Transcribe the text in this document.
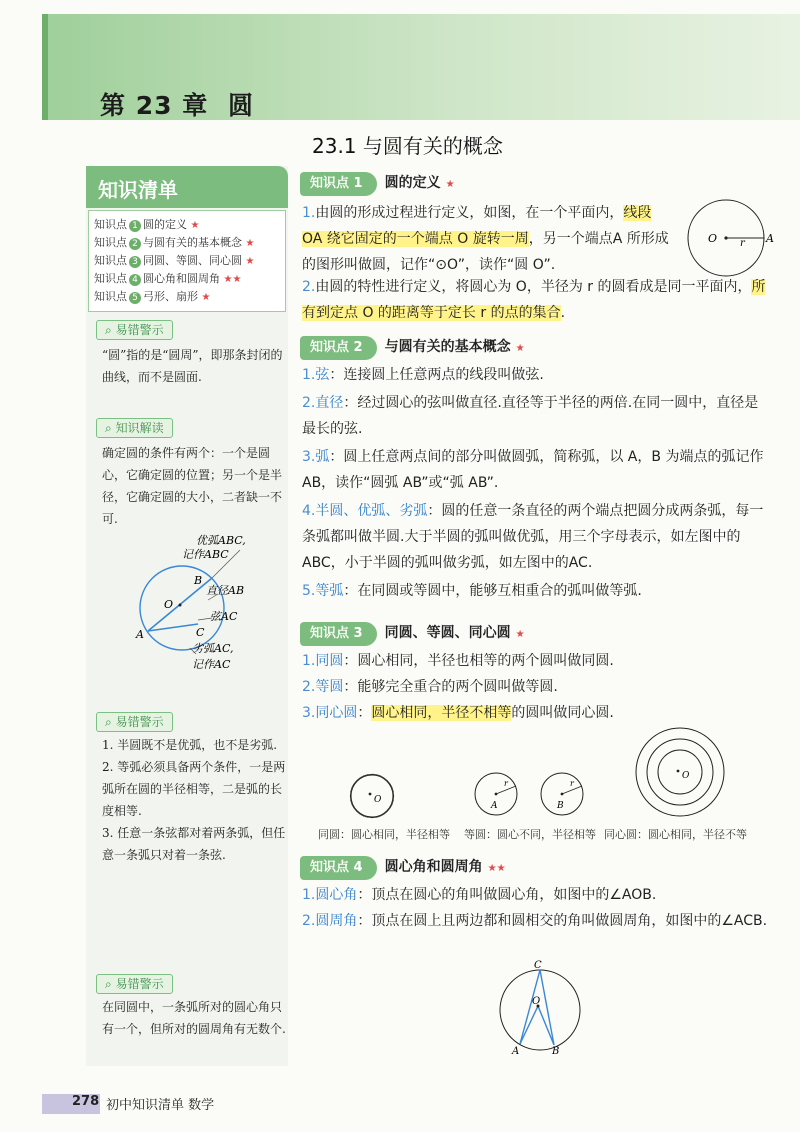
第 23 章 圆
23.1 与圆有关的概念
知识清单
知识点 1 圆的定义 ★
知识点 2 与圆有关的基本概念 ★
知识点 3 同圆、等圆、同心圆 ★
知识点 4 圆心角和圆周角 ★★
知识点 5 弓形、扇形 ★
⌕ 易错警示
“圆”指的是“圆周”，即那条封闭的曲线，而不是圆面.
⌕ 知识解读
确定圆的条件有两个：一个是圆心，它确定圆的位置；另一个是半径，它确定圆的大小，二者缺一不可.
优弧ABC,
记作ABC
直径AB
弦AC
劣弧AC,
记作AC
O
A
B
C
⌕ 易错警示
1. 半圆既不是优弧，也不是劣弧.
2. 等弧必须具备两个条件，一是两弧所在圆的半径相等，二是弧的长度相等.
3. 任意一条弦都对着两条弧，但任意一条弧只对着一条弦.
⌕ 易错警示
在同圆中，一条弧所对的圆心角只有一个，但所对的圆周角有无数个.
知识点 1 圆的定义 ★
1.由圆的形成过程进行定义，如图，在一个平面内，线段 OA 绕它固定的一个端点 O 旋转一周，另一个端点A 所形成的图形叫做圆，记作“⊙O”，读作“圆 O”.
O r A
2.由圆的特性进行定义，将圆心为 O，半径为 r 的圆看成是同一平面内，所有到定点 O 的距离等于定长 r 的点的集合.
知识点 2 与圆有关的基本概念 ★
1.弦：连接圆上任意两点的线段叫做弦.
2.直径：经过圆心的弦叫做直径.直径等于半径的两倍.在同一圆中，直径是最长的弦.
3.弧：圆上任意两点间的部分叫做圆弧，简称弧，以 A，B 为端点的弧记作AB，读作“圆弧 AB”或“弧 AB”.
4.半圆、优弧、劣弧：圆的任意一条直径的两个端点把圆分成两条弧，每一条弧都叫做半圆.大于半圆的弧叫做优弧，用三个字母表示，如左图中的ABC，小于半圆的弧叫做劣弧，如左图中的AC.
5.等弧：在同圆或等圆中，能够互相重合的弧叫做等弧.
知识点 3 同圆、等圆、同心圆 ★
1.同圆：圆心相同，半径也相等的两个圆叫做同圆.
2.等圆：能够完全重合的两个圆叫做等圆.
3.同心圆：圆心相同，半径不相等的圆叫做同心圆.
O
A
r
B
r
O
同圆：圆心相同，半径相等 等圆：圆心不同，半径相等 同心圆：圆心相同，半径不等
知识点 4 圆心角和圆周角 ★★
1.圆心角：顶点在圆心的角叫做圆心角，如图中的∠AOB.
2.圆周角：顶点在圆上且两边都和圆相交的角叫做圆周角，如图中的∠ACB.
C
O
A	B
278 初中知识清单 数学
